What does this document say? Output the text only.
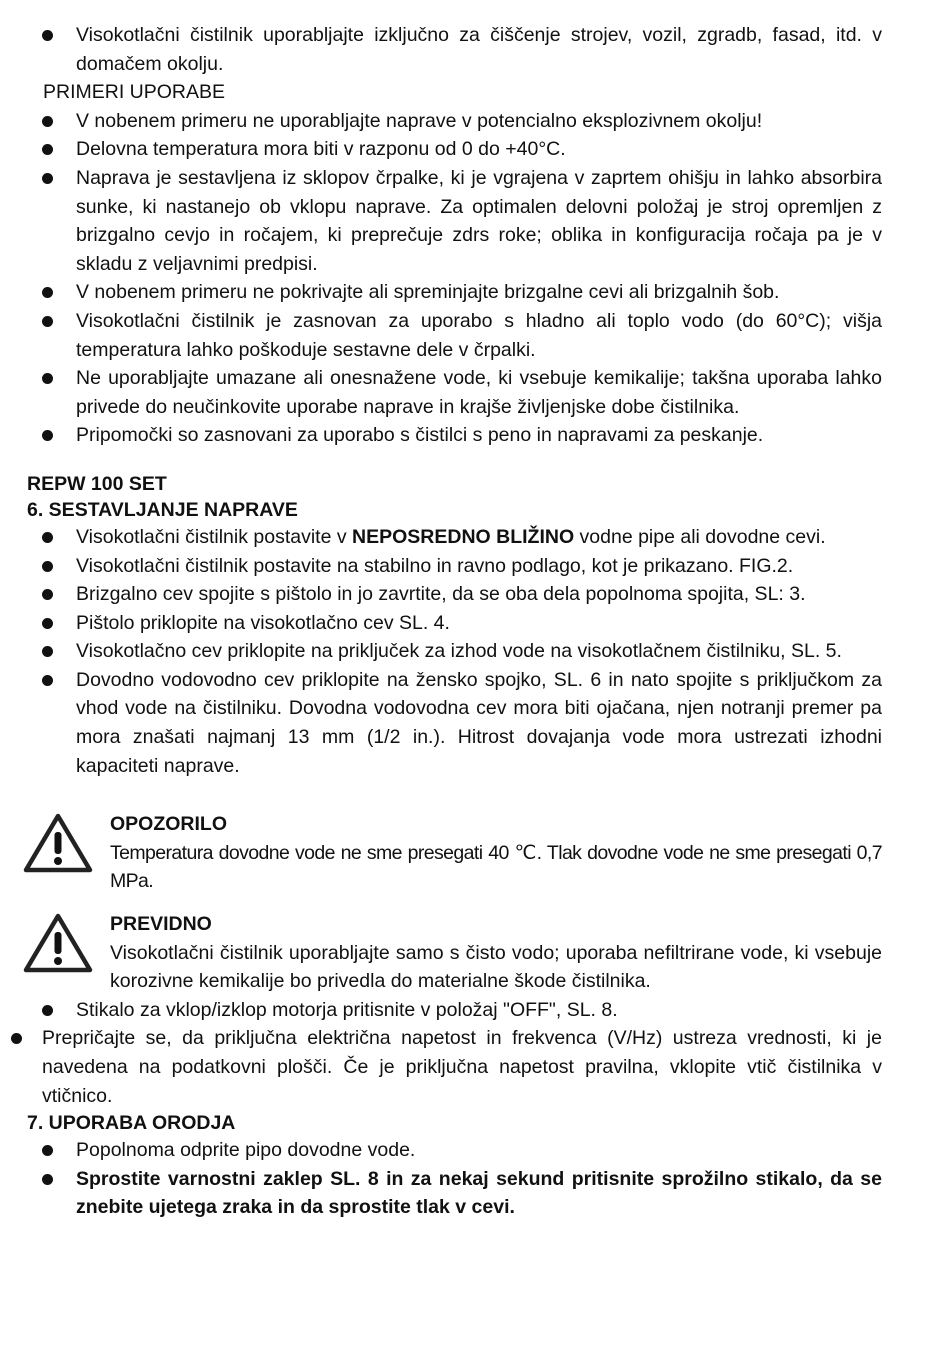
Visokotlačni čistilnik uporabljajte izključno za čiščenje strojev, vozil, zgradb, fasad, itd. v domačem okolju.
PRIMERI UPORABE
V nobenem primeru ne uporabljajte naprave v potencialno eksplozivnem okolju!
Delovna temperatura mora biti v razponu od 0 do +40°C.
Naprava je sestavljena iz sklopov črpalke, ki je vgrajena v zaprtem ohišju in lahko absorbira sunke, ki nastanejo ob vklopu naprave. Za optimalen delovni položaj je stroj opremljen z brizgalno cevjo in ročajem, ki preprečuje zdrs roke; oblika in konfiguracija ročaja pa je v skladu z veljavnimi predpisi.
V nobenem primeru ne pokrivajte ali spreminjajte brizgalne cevi ali brizgalnih šob.
Visokotlačni čistilnik je zasnovan za uporabo s hladno ali toplo vodo (do 60°C); višja temperatura lahko poškoduje sestavne dele v črpalki.
Ne uporabljajte umazane ali onesnažene vode, ki vsebuje kemikalije; takšna uporaba lahko privede do neučinkovite uporabe naprave in krajše življenjske dobe čistilnika.
Pripomočki so zasnovani za uporabo s čistilci s peno in napravami za peskanje.
REPW 100 SET
6. SESTAVLJANJE NAPRAVE
Visokotlačni čistilnik postavite v NEPOSREDNO BLIŽINO vodne pipe ali dovodne cevi.
Visokotlačni čistilnik postavite na stabilno in ravno podlago, kot je prikazano. FIG.2.
Brizgalno cev spojite s pištolo in jo zavrtite, da se oba dela popolnoma spojita, SL: 3.
Pištolo priklopite na visokotlačno cev SL. 4.
Visokotlačno cev priklopite na priključek za izhod vode na visokotlačnem čistilniku, SL. 5.
Dovodno vodovodno cev priklopite na žensko spojko, SL. 6 in nato spojite s priključkom za vhod vode na čistilniku. Dovodna vodovodna cev mora biti ojačana, njen notranji premer pa mora znašati najmanj 13 mm (1/2 in.). Hitrost dovajanja vode mora ustrezati izhodni kapaciteti naprave.
OPOZORILO
Temperatura dovodne vode ne sme presegati 40 ℃. Tlak dovodne vode ne sme presegati 0,7 MPa.
PREVIDNO
Visokotlačni čistilnik uporabljajte samo s čisto vodo; uporaba nefiltrirane vode, ki vsebuje korozivne kemikalije bo privedla do materialne škode čistilnika.
Stikalo za vklop/izklop motorja pritisnite v položaj "OFF", SL. 8.
Prepričajte se, da priključna električna napetost in frekvenca (V/Hz) ustreza vrednosti, ki je navedena na podatkovni plošči. Če je priključna napetost pravilna, vklopite vtič čistilnika v vtičnico.
7. UPORABA ORODJA
Popolnoma odprite pipo dovodne vode.
Sprostite varnostni zaklep SL. 8 in za nekaj sekund pritisnite sprožilno stikalo, da se znebite ujetega zraka in da sprostite tlak v cevi.
